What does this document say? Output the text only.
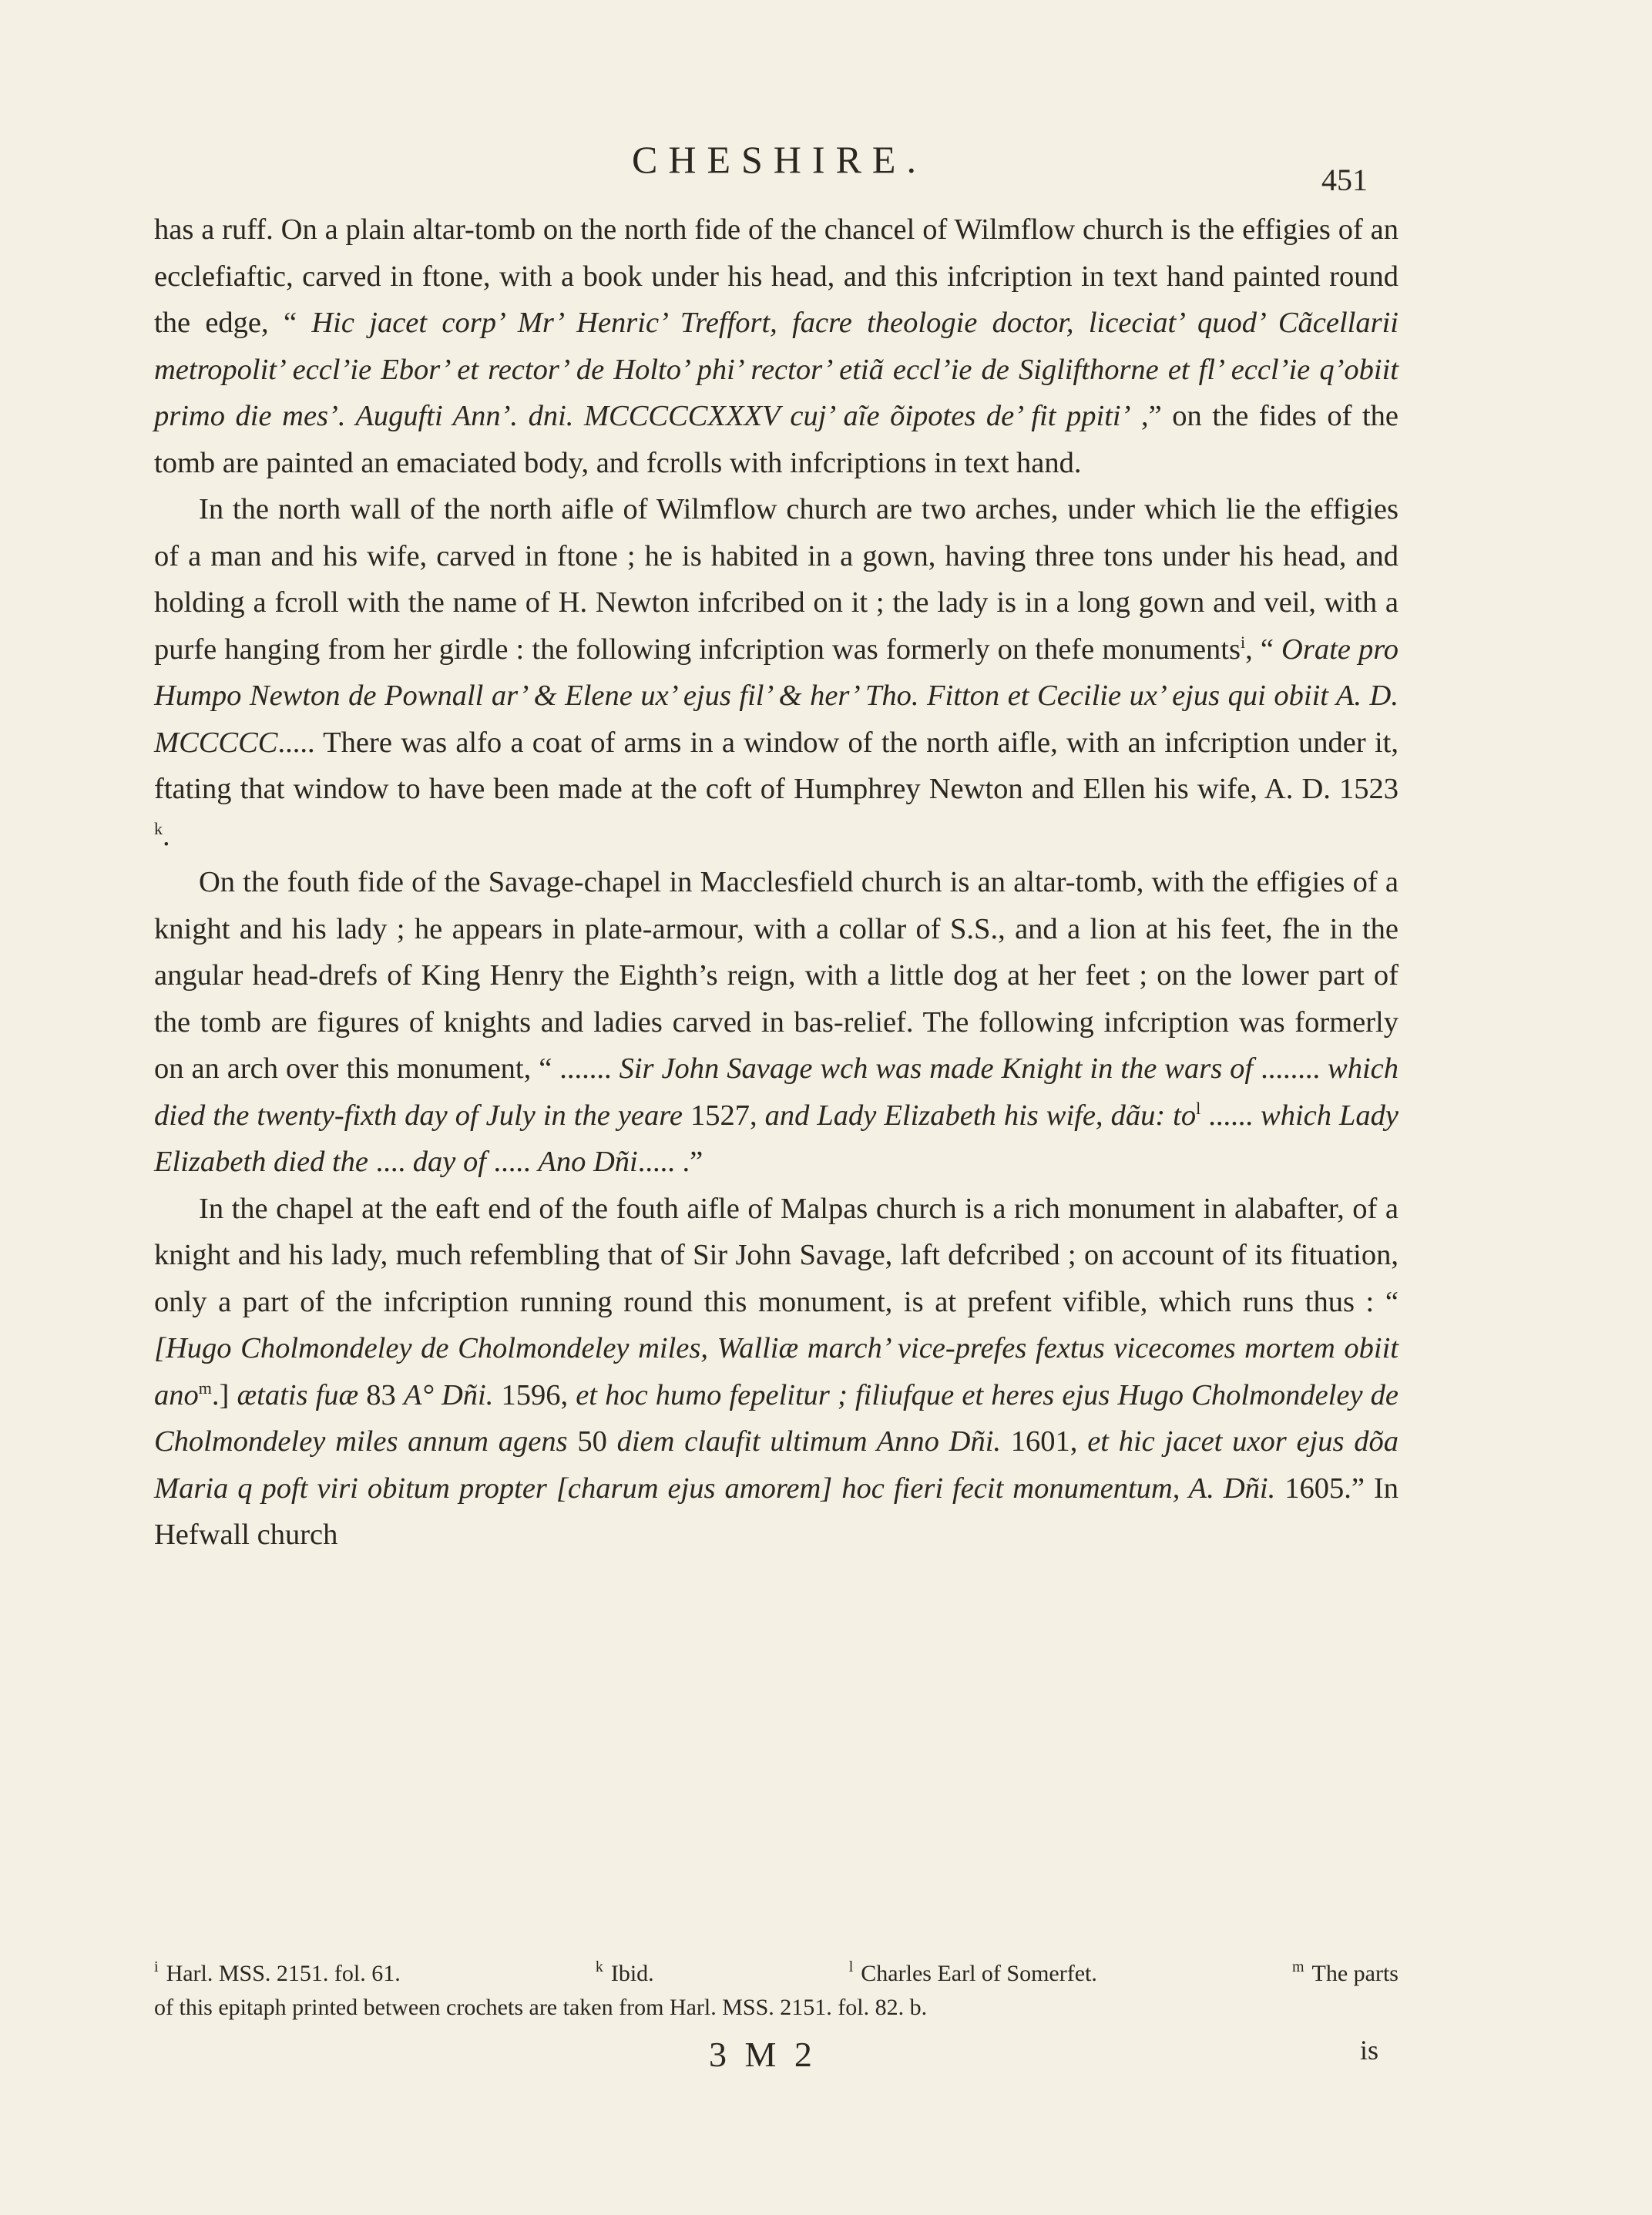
CHESHIRE.	451

has a ruff. On a plain altar-tomb on the north fide of the chancel of Wilmflow church is the effigies of an ecclefiaftic, carved in ftone, with a book under his head, and this infcription in text hand painted round the edge, “ Hic jacet corp’ Mr’ Henric’ Treffort, facre theologie doctor, liceciat’ quod’ Cãcellarii metropolit’ eccl’ie Ebor’ et rector’ de Holto’ phi’ rector’ etiã eccl’ie de Siglifthorne et fl’ eccl’ie q’obiit primo die mes’. Augufti Ann’. dni. MCCCCCXXXV cuj’ aĩe õipotes de’ fit ppiti’ ,” on the fides of the tomb are painted an emaciated body, and fcrolls with infcriptions in text hand.

In the north wall of the north aifle of Wilmflow church are two arches, under which lie the effigies of a man and his wife, carved in ftone ; he is habited in a gown, having three tons under his head, and holding a fcroll with the name of H. Newton infcribed on it ; the lady is in a long gown and veil, with a purfe hanging from her girdle : the following infcription was formerly on thefe monuments$^i$, “ Orate pro Humpo Newton de Pownall ar’ & Elene ux’ ejus fil’ & her’ Tho. Fitton et Cecilie ux’ ejus qui obiit A. D. MCCCCC..... There was alfo a coat of arms in a window of the north aifle, with an infcription under it, ftating that window to have been made at the coft of Humphrey Newton and Ellen his wife, A. D. 1523 $^k$.

On the fouth fide of the Savage-chapel in Macclesfield church is an altar-tomb, with the effigies of a knight and his lady ; he appears in plate-armour, with a collar of S.S., and a lion at his feet, fhe in the angular head-drefs of King Henry the Eighth’s reign, with a little dog at her feet ; on the lower part of the tomb are figures of knights and ladies carved in bas-relief. The following infcription was formerly on an arch over this monument, “ ....... Sir John Savage wch was made Knight in the wars of ........ which died the twenty-fixth day of July in the yeare 1527, and Lady Elizabeth his wife, dãu: to$^l$ ...... which Lady Elizabeth died the .... day of ..... Ano Dñi..... .”

In the chapel at the eaft end of the fouth aifle of Malpas church is a rich monument in alabafter, of a knight and his lady, much refembling that of Sir John Savage, laft defcribed ; on account of its fituation, only a part of the infcription running round this monument, is at prefent vifible, which runs thus : “ [Hugo Cholmondeley de Cholmondeley miles, Walliæ march’ vice-prefes fextus vicecomes mortem obiit ano$^m$.] ætatis fuæ 83 A° Dñi. 1596, et hoc humo fepelitur ; filiufque et heres ejus Hugo Cholmondeley de Cholmondeley miles annum agens 50 diem claufit ultimum Anno Dñi. 1601, et hic jacet uxor ejus dõa Maria q poft viri obitum propter [charum ejus amorem] hoc fieri fecit monumentum, A. Dñi. 1605.” In Hefwall church

$^i$ Harl. MSS. 2151. fol. 61.	$^k$ Ibid.	$^l$ Charles Earl of Somerfet.	$^m$ The parts
of this epitaph printed between crochets are taken from Harl. MSS. 2151. fol. 82. b.
3 M 2	is
